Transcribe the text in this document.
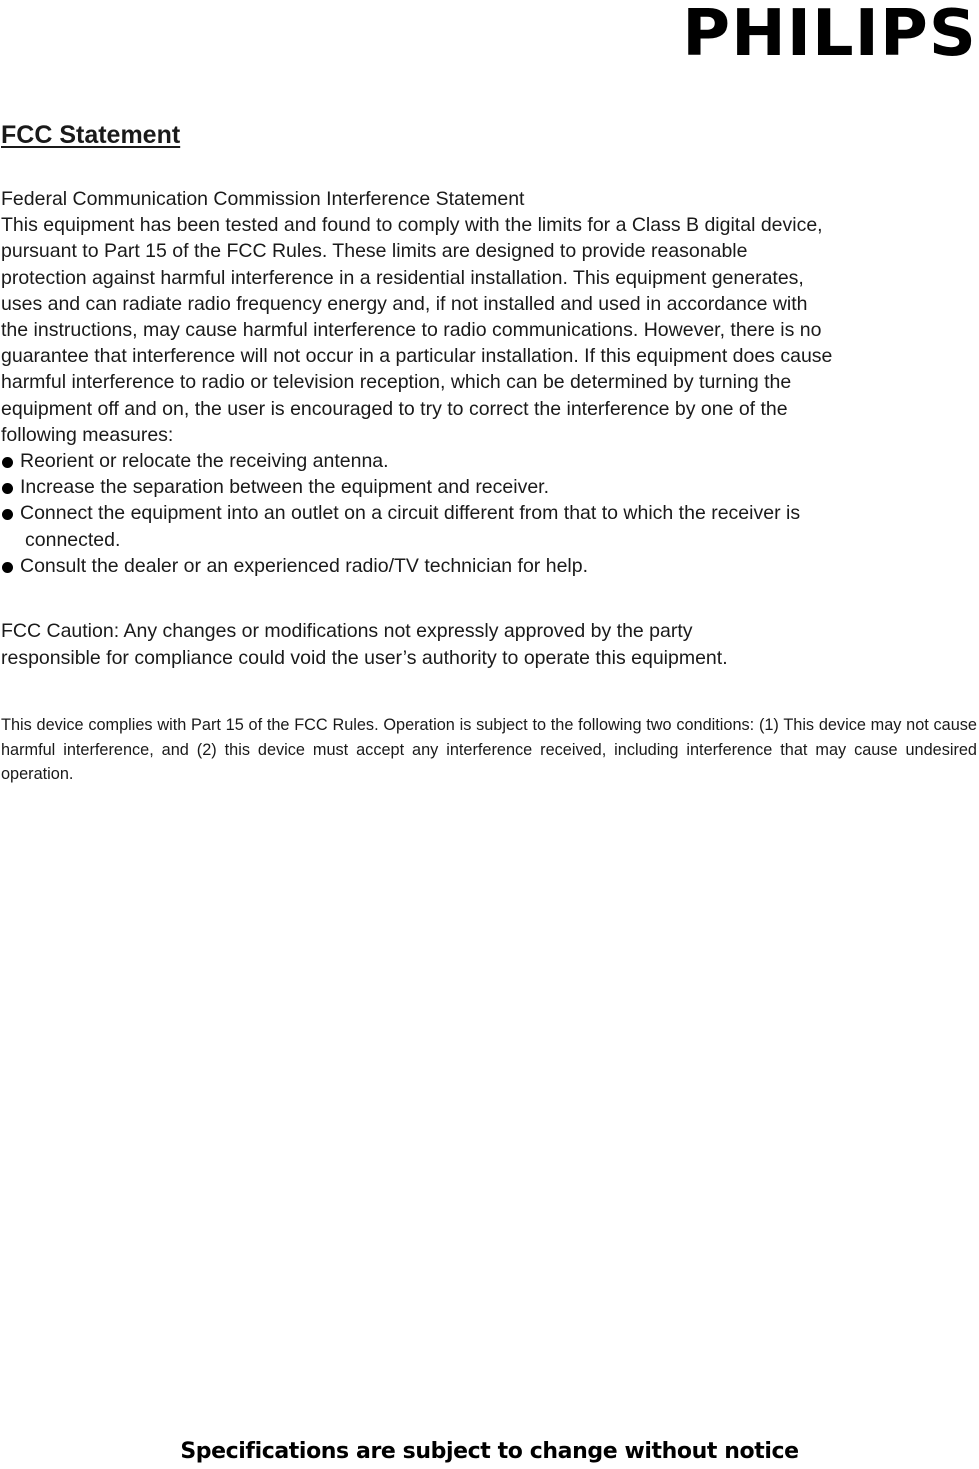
PHILIPS
FCC Statement

Federal Communication Commission Interference Statement

This equipment has been tested and found to comply with the limits for a Class B digital device,

pursuant to Part 15 of the FCC Rules. These limits are designed to provide reasonable

protection against harmful interference in a residential installation. This equipment generates,

uses and can radiate radio frequency energy and, if not installed and used in accordance with

the instructions, may cause harmful interference to radio communications. However, there is no

guarantee that interference will not occur in a particular installation. If this equipment does cause

harmful interference to radio or television reception, which can be determined by turning the

equipment off and on, the user is encouraged to try to correct the interference by one of the

following measures:

Reorient or relocate the receiving antenna.
Increase the separation between the equipment and receiver.
Connect the equipment into an outlet on a circuit different from that to which the receiver is
connected.
Consult the dealer or an experienced radio/TV technician for help.

FCC Caution: Any changes or modifications not expressly approved by the party

responsible for compliance could void the user’s authority to operate this equipment.

This device complies with Part 15 of the FCC Rules. Operation is subject to the following two conditions: (1) This device may not cause harmful interference, and (2) this device must accept any interference received, including interference that may cause undesired operation.

Specifications are subject to change without notice
